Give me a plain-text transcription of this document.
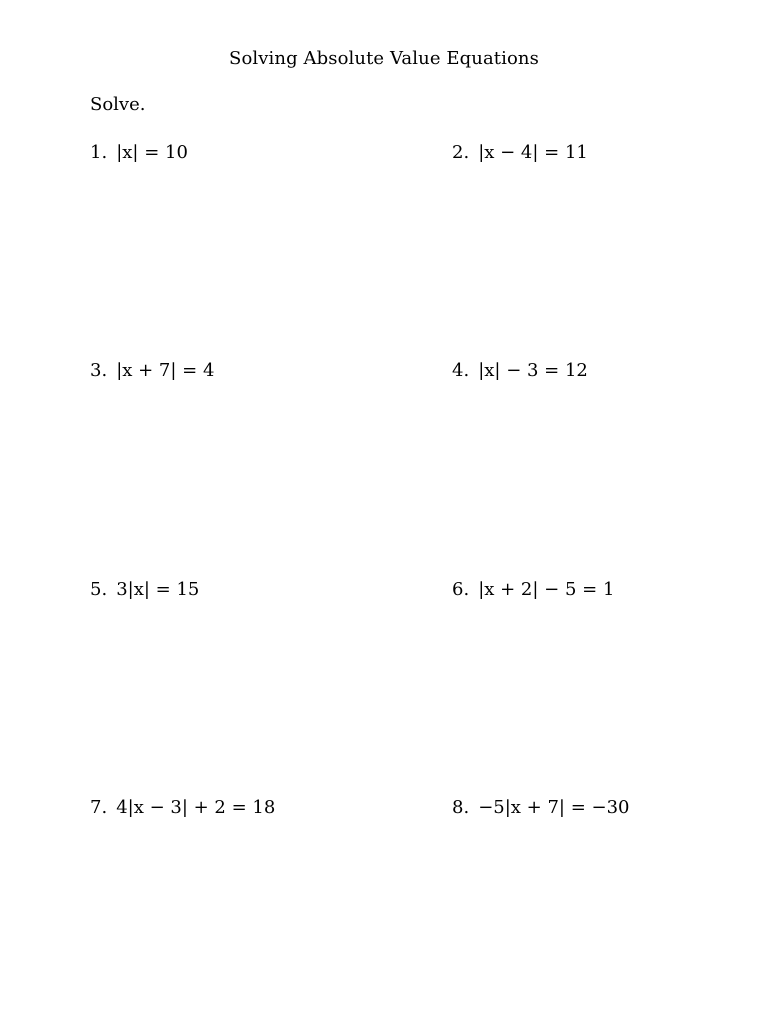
Solving Absolute Value Equations
Solve.
1. |x| = 10	2. |x − 4| = 11
3. |x + 7| = 4	4. |x| − 3 = 12
5. 3|x| = 15	6. |x + 2| − 5 = 1
7. 4|x − 3| + 2 = 18	8. −5|x + 7| = −30
